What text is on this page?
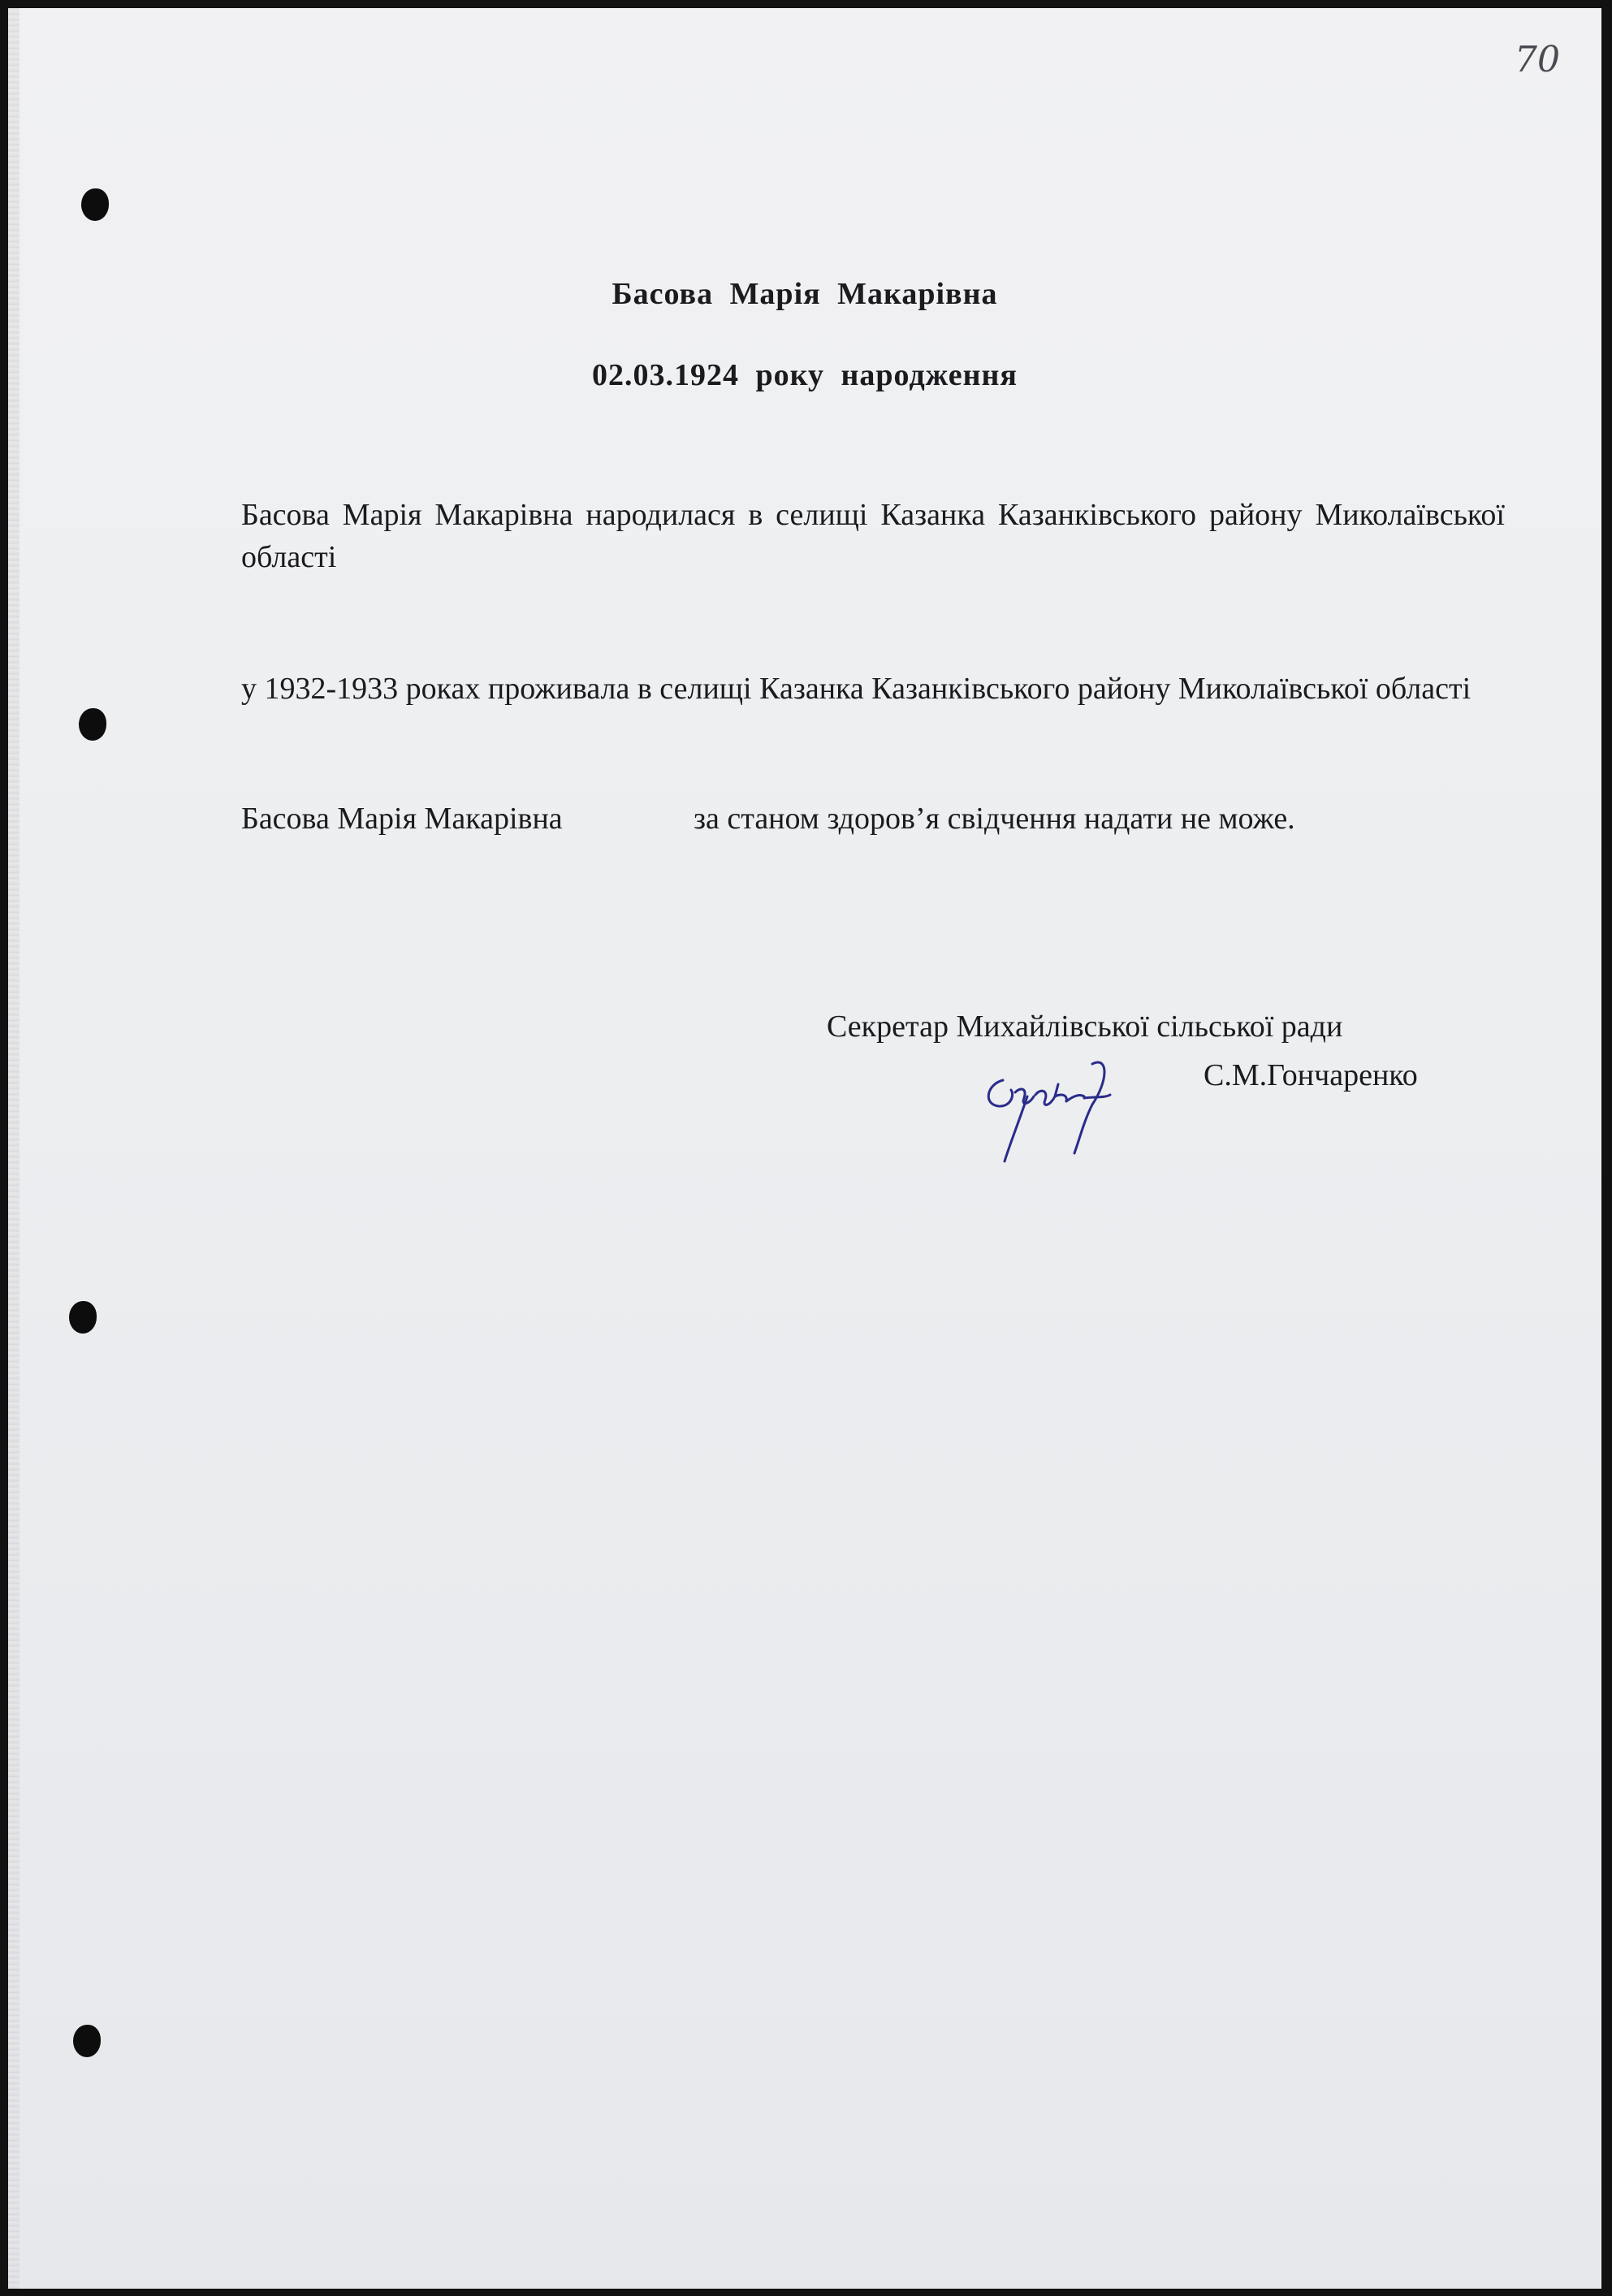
70
Басова Марія Макарівна
02.03.1924 року народження
Басова Марія Макарівна народилася в селищі Казанка Казанківського району Миколаївської області
у 1932-1933 роках проживала в селищі Казанка Казанківського району Миколаївської області
Басова Марія Макарівна	за станом здоров’я свідчення надати не може.
Секретар Михайлівської сільської ради
С.М.Гончаренко
